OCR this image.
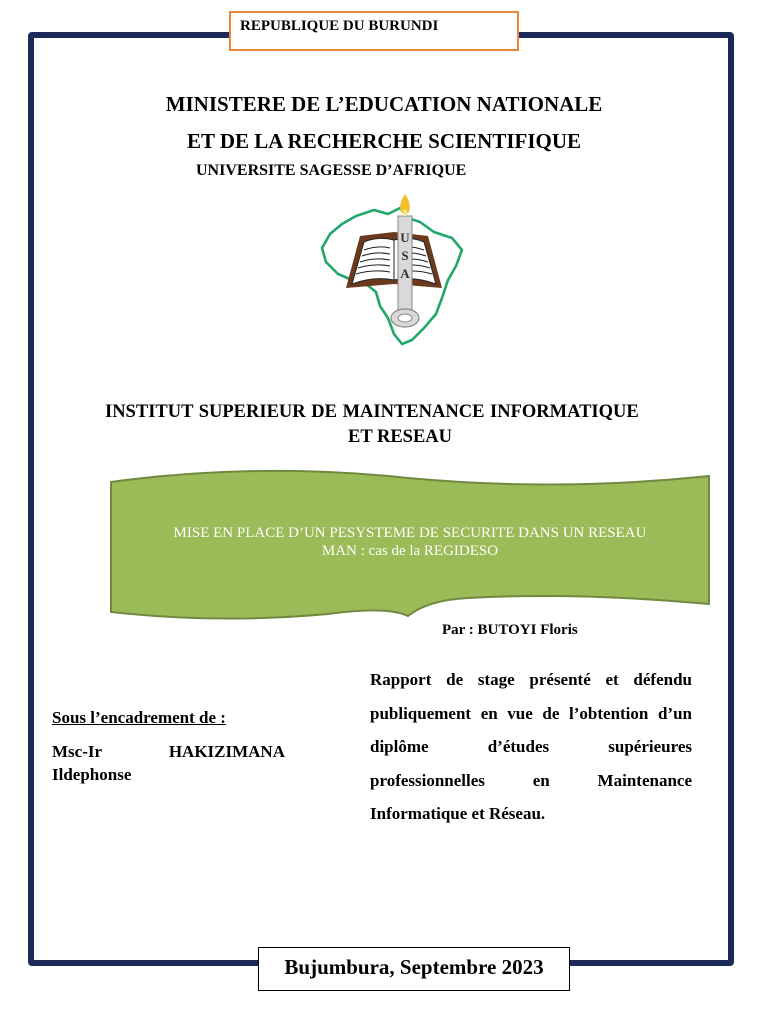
REPUBLIQUE DU BURUNDI
MINISTERE DE L’EDUCATION NATIONALE
ET DE LA RECHERCHE SCIENTIFIQUE
UNIVERSITE SAGESSE D’AFRIQUE
U
S
A
INSTITUT SUPERIEUR DE MAINTENANCE INFORMATIQUE
ET RESEAU
MISE EN PLACE D’UN PESYSTEME DE SECURITE DANS UN RESEAU
MAN : cas de la REGIDESO
Par : BUTOYI Floris
Rapport de stage présenté et défendu publiquement en vue de l’obtention d’un diplôme d’études supérieures professionnelles en Maintenance Informatique et Réseau.
Sous l’encadrement de :
Msc-Ir HAKIZIMANA Ildephonse
Bujumbura, Septembre 2023
